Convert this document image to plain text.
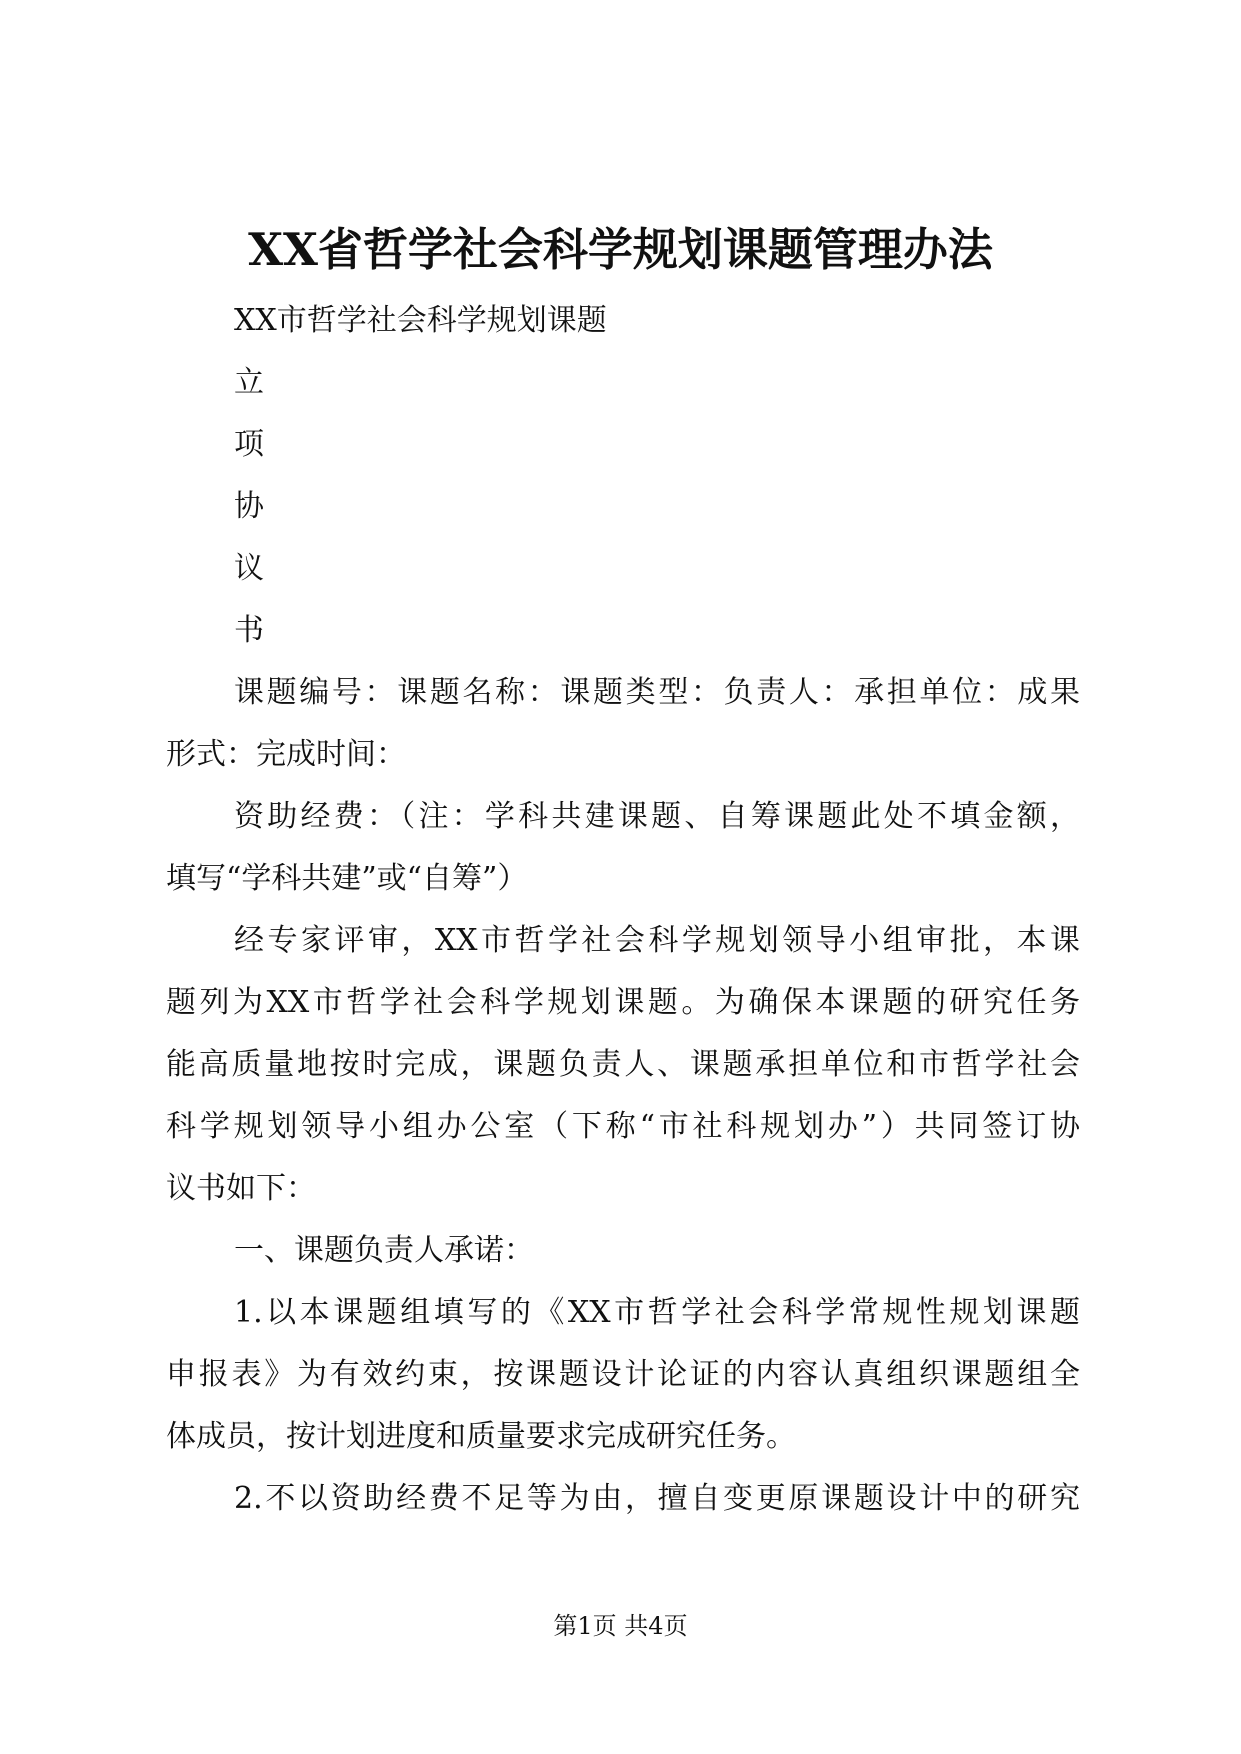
XX省哲学社会科学规划课题管理办法
XX市哲学社会科学规划课题
立
项
协
议
书
课题编号：课题名称：课题类型：负责人：承担单位：成果
形式：完成时间：
资助经费：（注：学科共建课题、自筹课题此处不填金额，
填写“学科共建”或“自筹”）
经专家评审，XX市哲学社会科学规划领导小组审批，本课
题列为XX市哲学社会科学规划课题。为确保本课题的研究任务
能高质量地按时完成，课题负责人、课题承担单位和市哲学社会
科学规划领导小组办公室（下称“市社科规划办”）共同签订协
议书如下：
一、课题负责人承诺：
1.以本课题组填写的《XX市哲学社会科学常规性规划课题
申报表》为有效约束，按课题设计论证的内容认真组织课题组全
体成员，按计划进度和质量要求完成研究任务。
2.不以资助经费不足等为由，擅自变更原课题设计中的研究
第1页 共4页
